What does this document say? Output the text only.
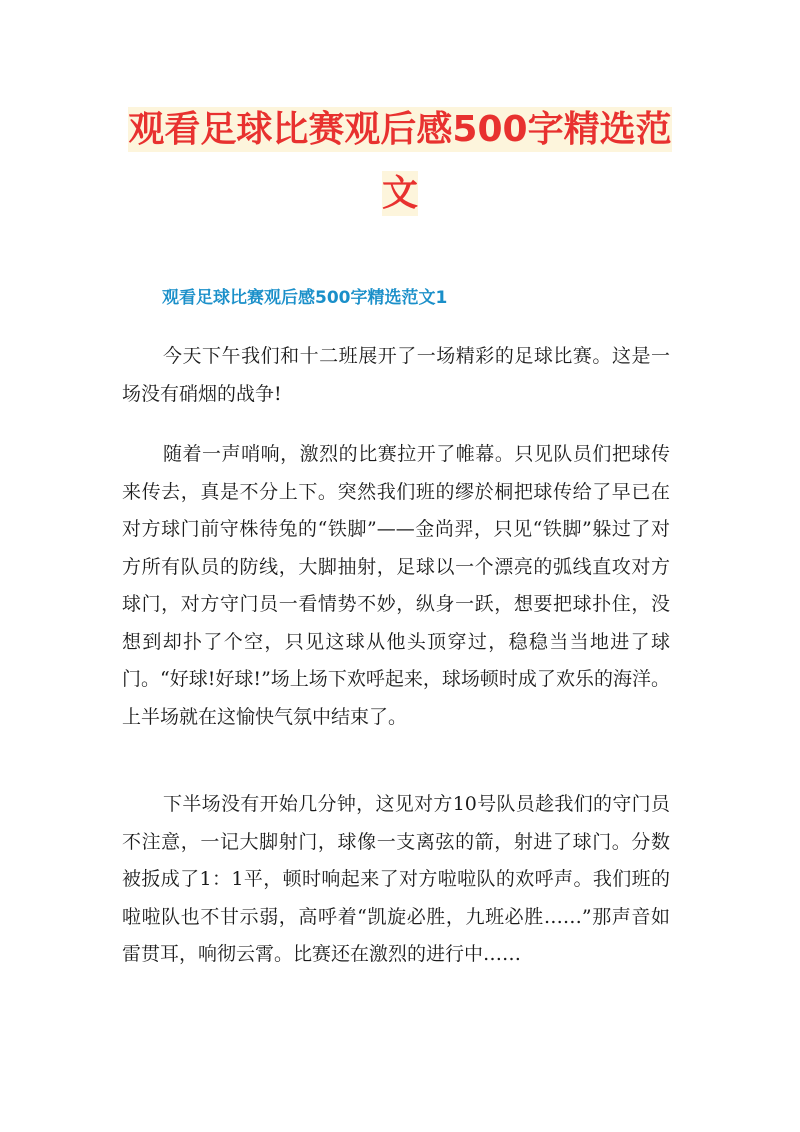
观看足球比赛观后感500字精选范文
观看足球比赛观后感500字精选范文1

今天下午我们和十二班展开了一场精彩的足球比赛。这是一场没有硝烟的战争!

随着一声哨响，激烈的比赛拉开了帷幕。只见队员们把球传来传去，真是不分上下。突然我们班的缪於桐把球传给了早已在对方球门前守株待兔的“铁脚”——金尚羿，只见“铁脚”躲过了对方所有队员的防线，大脚抽射，足球以一个漂亮的弧线直攻对方球门，对方守门员一看情势不妙，纵身一跃，想要把球扑住，没想到却扑了个空，只见这球从他头顶穿过，稳稳当当地进了球门。“好球!好球!”场上场下欢呼起来，球场顿时成了欢乐的海洋。上半场就在这愉快气氛中结束了。

下半场没有开始几分钟，这见对方10号队员趁我们的守门员不注意，一记大脚射门，球像一支离弦的箭，射进了球门。分数被扳成了1：1平，顿时响起来了对方啦啦队的欢呼声。我们班的啦啦队也不甘示弱，高呼着“凯旋必胜，九班必胜……”那声音如雷贯耳，响彻云霄。比赛还在激烈的进行中……
